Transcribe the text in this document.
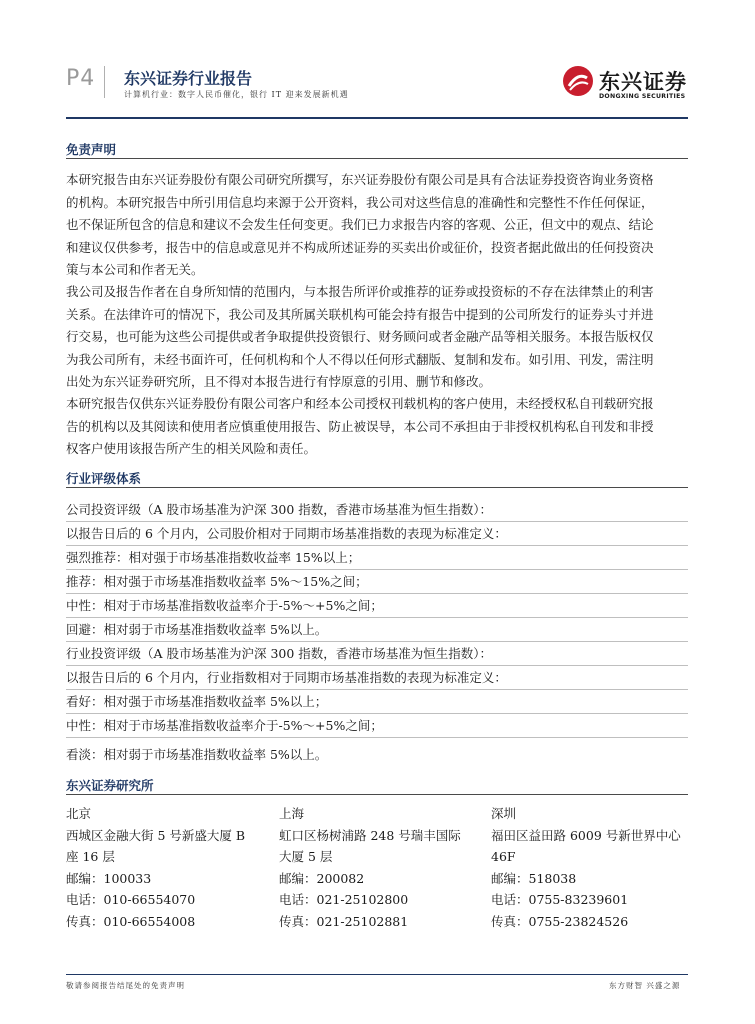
P4 东兴证券行业报告
计算机行业：数字人民币催化，银行 IT 迎来发展新机遇
东兴证券
DONGXING SECURITIES
免责声明
本研究报告由东兴证券股份有限公司研究所撰写，东兴证券股份有限公司是具有合法证券投资咨询业务资格
的机构。本研究报告中所引用信息均来源于公开资料，我公司对这些信息的准确性和完整性不作任何保证，
也不保证所包含的信息和建议不会发生任何变更。我们已力求报告内容的客观、公正，但文中的观点、结论
和建议仅供参考，报告中的信息或意见并不构成所述证券的买卖出价或征价，投资者据此做出的任何投资决
策与本公司和作者无关。
我公司及报告作者在自身所知情的范围内，与本报告所评价或推荐的证券或投资标的不存在法律禁止的利害
关系。在法律许可的情况下，我公司及其所属关联机构可能会持有报告中提到的公司所发行的证券头寸并进
行交易，也可能为这些公司提供或者争取提供投资银行、财务顾问或者金融产品等相关服务。本报告版权仅
为我公司所有，未经书面许可，任何机构和个人不得以任何形式翻版、复制和发布。如引用、刊发，需注明
出处为东兴证券研究所，且不得对本报告进行有悖原意的引用、删节和修改。
本研究报告仅供东兴证券股份有限公司客户和经本公司授权刊载机构的客户使用，未经授权私自刊载研究报
告的机构以及其阅读和使用者应慎重使用报告、防止被误导，本公司不承担由于非授权机构私自刊发和非授
权客户使用该报告所产生的相关风险和责任。
行业评级体系
公司投资评级（A 股市场基准为沪深 300 指数，香港市场基准为恒生指数）：
以报告日后的 6 个月内，公司股价相对于同期市场基准指数的表现为标准定义：
强烈推荐：相对强于市场基准指数收益率 15%以上；
推荐：相对强于市场基准指数收益率 5%～15%之间；
中性：相对于市场基准指数收益率介于-5%～+5%之间；
回避：相对弱于市场基准指数收益率 5%以上。
行业投资评级（A 股市场基准为沪深 300 指数，香港市场基准为恒生指数）：
以报告日后的 6 个月内，行业指数相对于同期市场基准指数的表现为标准定义：
看好：相对强于市场基准指数收益率 5%以上；
中性：相对于市场基准指数收益率介于-5%～+5%之间；
看淡：相对弱于市场基准指数收益率 5%以上。
东兴证券研究所
北京
西城区金融大街 5 号新盛大厦 B
座 16 层
邮编：100033
电话：010-66554070
传真：010-66554008
上海
虹口区杨树浦路 248 号瑞丰国际
大厦 5 层
邮编：200082
电话：021-25102800
传真：021-25102881
深圳
福田区益田路 6009 号新世界中心
46F
邮编：518038
电话：0755-83239601
传真：0755-23824526
敬请参阅报告结尾处的免责声明	东方财智 兴盛之源
